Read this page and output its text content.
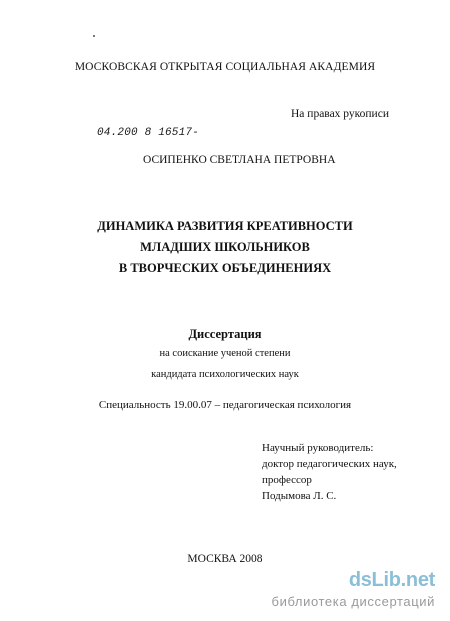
МОСКОВСКАЯ ОТКРЫТАЯ СОЦИАЛЬНАЯ АКАДЕМИЯ
На правах рукописи
04.200 8 16517-
ОСИПЕНКО СВЕТЛАНА ПЕТРОВНА
ДИНАМИКА РАЗВИТИЯ КРЕАТИВНОСТИ
МЛАДШИХ ШКОЛЬНИКОВ
В ТВОРЧЕСКИХ ОБЪЕДИНЕНИЯХ
Диссертация
на соискание ученой степени
кандидата психологических наук
Специальность 19.00.07 – педагогическая психология
Научный руководитель:
доктор педагогических наук,
профессор
Подымова Л. С.
МОСКВА 2008
dsLib.net
библиотека диссертаций
